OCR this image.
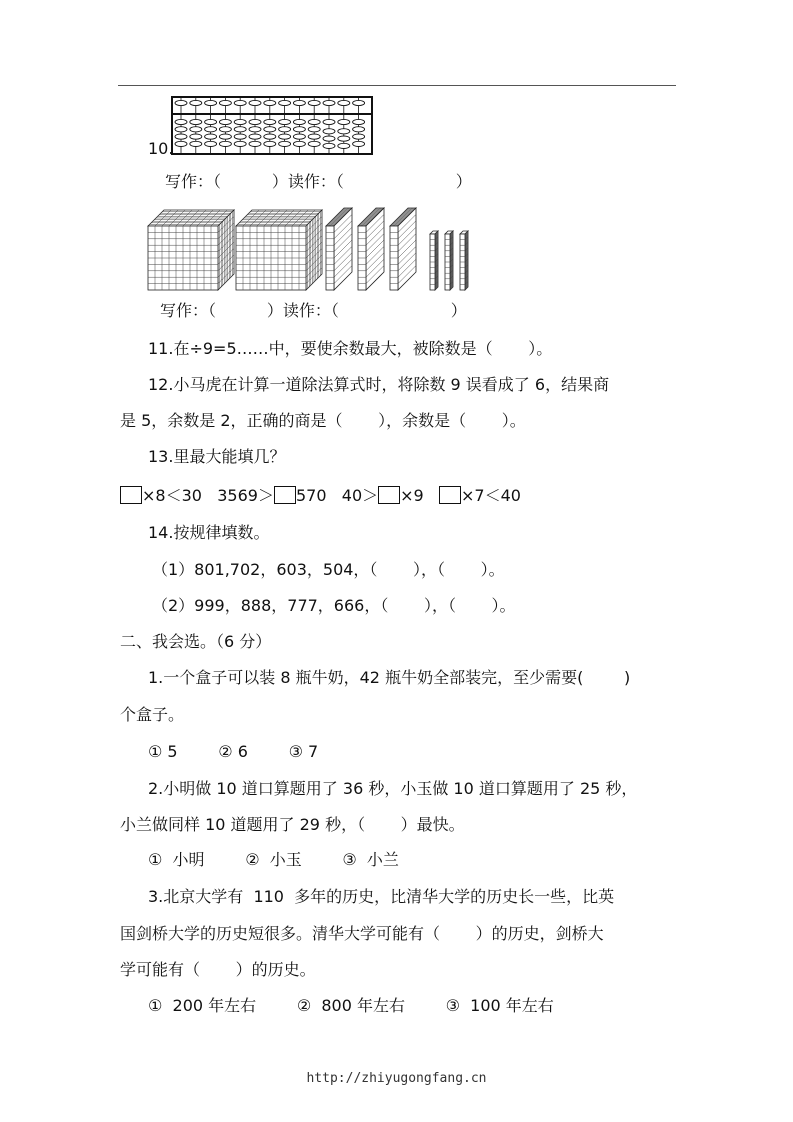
10.
写作：（          ）读作：（                      ）
写作：（          ）读作：（                      ）
11.在÷9=5……中，要使余数最大，被除数是（       ）。
12.小马虎在计算一道除法算式时，将除数 9 误看成了 6，结果商
是 5，余数是 2，正确的商是（       ），余数是（       ）。
13.里最大能填几？
×8＜30 3569＞ 570 40＞ ×9 ×7＜40
14.按规律填数。
（1）801,702，603，504，（       ），（       ）。
（2）999，888，777，666，（       ），（       ）。
二、我会选。（6 分）
1.一个盒子可以装 8 瓶牛奶，42 瓶牛奶全部装完，至少需要(        )
个盒子。
① 5        ② 6        ③ 7
2.小明做 10 道口算题用了 36 秒，小玉做 10 道口算题用了 25 秒，
小兰做同样 10 道题用了 29 秒，（       ）最快。
①  小明        ②  小玉        ③  小兰
3.北京大学有  110  多年的历史，比清华大学的历史长一些，比英
国剑桥大学的历史短很多。清华大学可能有（       ）的历史，剑桥大
学可能有（       ）的历史。
①  200 年左右        ②  800 年左右        ③  100 年左右
http://zhiyugongfang.cn
